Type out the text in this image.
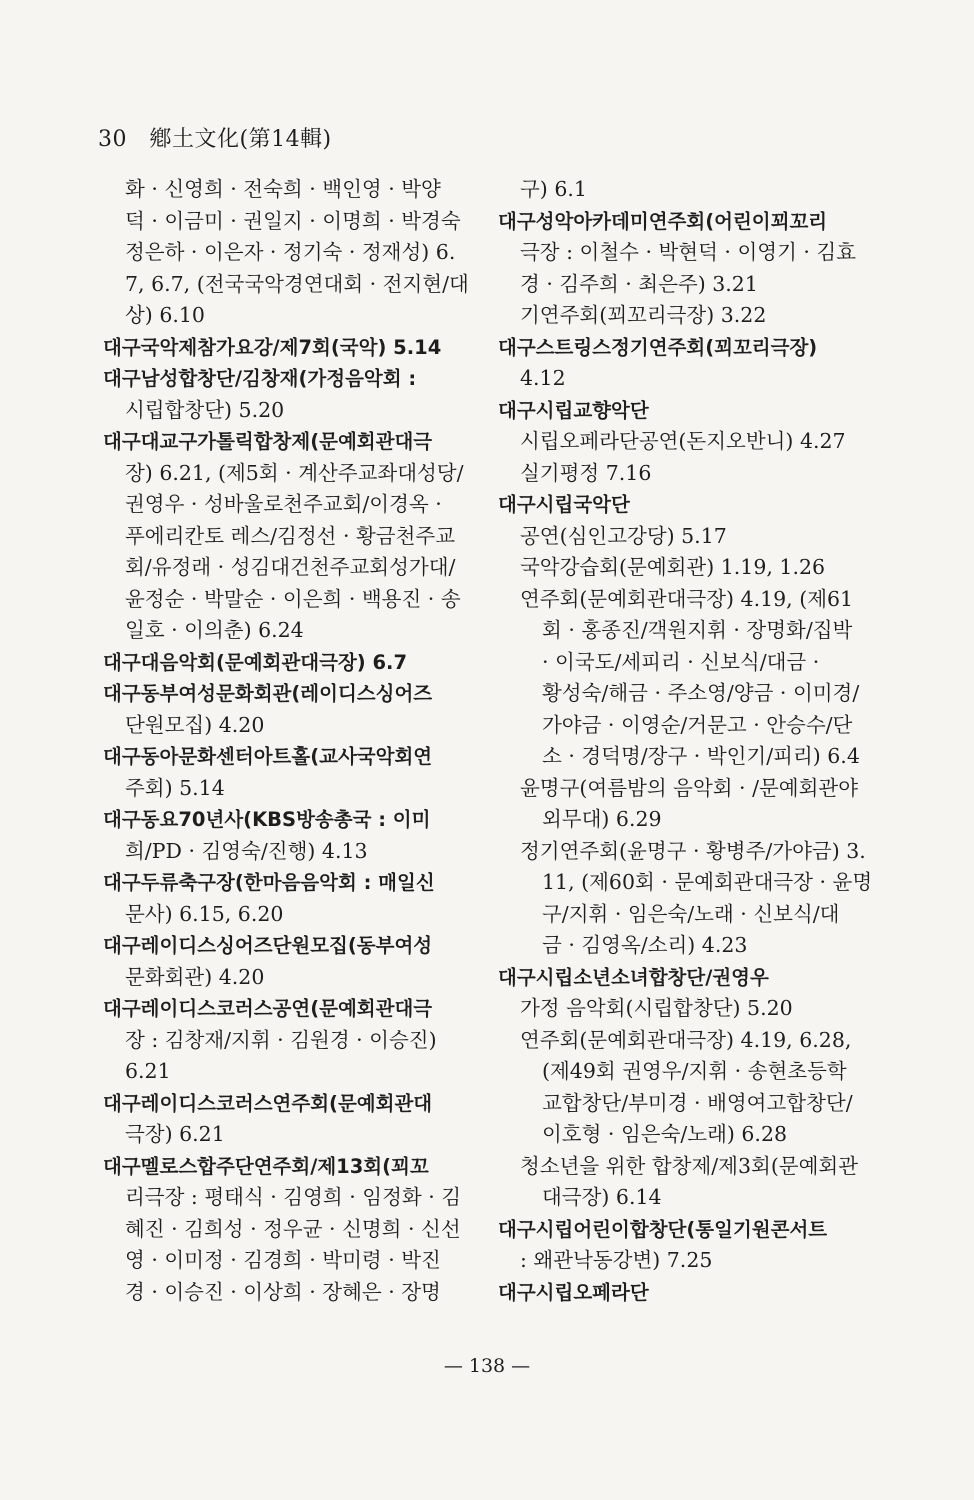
30 鄕土文化(第14輯)
화 · 신영희 · 전숙희 · 백인영 · 박양
덕 · 이금미 · 권일지 · 이명희 · 박경숙
정은하 · 이은자 · 정기숙 · 정재성) 6.
7, 6.7, (전국국악경연대회 · 전지현/대
상) 6.10
대구국악제참가요강/제7회(국악) 5.14
대구남성합창단/김창재(가정음악회 :
시립합창단) 5.20
대구대교구가톨릭합창제(문예회관대극
장) 6.21, (제5회 · 계산주교좌대성당/
권영우 · 성바울로천주교회/이경옥 ·
푸에리칸토 레스/김정선 · 황금천주교
회/유정래 · 성김대건천주교회성가대/
윤정순 · 박말순 · 이은희 · 백용진 · 송
일호 · 이의춘) 6.24
대구대음악회(문예회관대극장) 6.7
대구동부여성문화회관(레이디스싱어즈
단원모집) 4.20
대구동아문화센터아트홀(교사국악회연
주회) 5.14
대구동요70년사(KBS방송총국 : 이미
희/PD · 김영숙/진행) 4.13
대구두류축구장(한마음음악회 : 매일신
문사) 6.15, 6.20
대구레이디스싱어즈단원모집(동부여성
문화회관) 4.20
대구레이디스코러스공연(문예회관대극
장 : 김창재/지휘 · 김원경 · 이승진)
6.21
대구레이디스코러스연주회(문예회관대
극장) 6.21
대구멜로스합주단연주회/제13회(꾀꼬
리극장 : 평태식 · 김영희 · 임정화 · 김
혜진 · 김희성 · 정우균 · 신명희 · 신선
영 · 이미정 · 김경희 · 박미령 · 박진
경 · 이승진 · 이상희 · 장혜은 · 장명
구) 6.1
대구성악아카데미연주회(어린이꾀꼬리
극장 : 이철수 · 박현덕 · 이영기 · 김효
경 · 김주희 · 최은주) 3.21
기연주회(꾀꼬리극장) 3.22
대구스트링스정기연주회(꾀꼬리극장)
4.12
대구시립교향악단
시립오페라단공연(돈지오반니) 4.27
실기평정 7.16
대구시립국악단
공연(심인고강당) 5.17
국악강습회(문예회관) 1.19, 1.26
연주회(문예회관대극장) 4.19, (제61
회 · 홍종진/객원지휘 · 장명화/집박
· 이국도/세피리 · 신보식/대금 ·
황성숙/해금 · 주소영/양금 · 이미경/
가야금 · 이영순/거문고 · 안승수/단
소 · 경덕명/장구 · 박인기/피리) 6.4
윤명구(여름밤의 음악회 · /문예회관야
외무대) 6.29
정기연주회(윤명구 · 황병주/가야금) 3.
11, (제60회 · 문예회관대극장 · 윤명
구/지휘 · 임은숙/노래 · 신보식/대
금 · 김영옥/소리) 4.23
대구시립소년소녀합창단/권영우
가정 음악회(시립합창단) 5.20
연주회(문예회관대극장) 4.19, 6.28,
(제49회 권영우/지휘 · 송현초등학
교합창단/부미경 · 배영여고합창단/
이호형 · 임은숙/노래) 6.28
청소년을 위한 합창제/제3회(문예회관
대극장) 6.14
대구시립어린이합창단(통일기원콘서트
: 왜관낙동강변) 7.25
대구시립오페라단
— 138 —
